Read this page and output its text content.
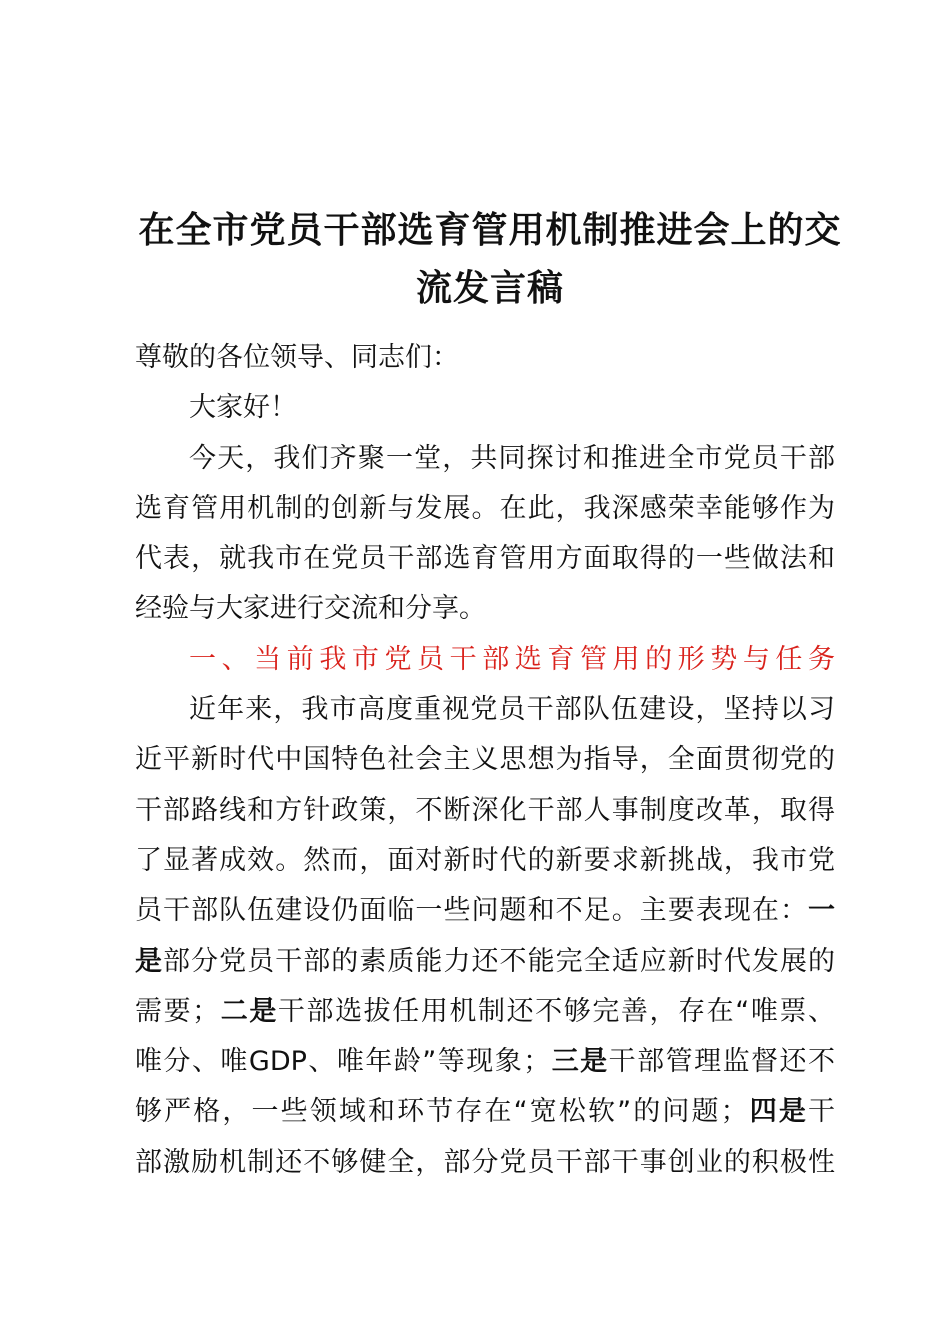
在全市党员干部选育管用机制推进会上的交
流发言稿
尊敬的各位领导、同志们：
大家好！
今天，我们齐聚一堂，共同探讨和推进全市党员干部
选育管用机制的创新与发展。在此，我深感荣幸能够作为
代表，就我市在党员干部选育管用方面取得的一些做法和
经验与大家进行交流和分享。
一、当前我市党员干部选育管用的形势与任务
近年来，我市高度重视党员干部队伍建设，坚持以习
近平新时代中国特色社会主义思想为指导，全面贯彻党的
干部路线和方针政策，不断深化干部人事制度改革，取得
了显著成效。然而，面对新时代的新要求新挑战，我市党
员干部队伍建设仍面临一些问题和不足。主要表现在：一
是部分党员干部的素质能力还不能完全适应新时代发展的
需要；二是干部选拔任用机制还不够完善，存在“唯票、
唯分、唯GDP、唯年龄”等现象；三是干部管理监督还不
够严格，一些领域和环节存在“宽松软”的问题；四是干
部激励机制还不够健全，部分党员干部干事创业的积极性
